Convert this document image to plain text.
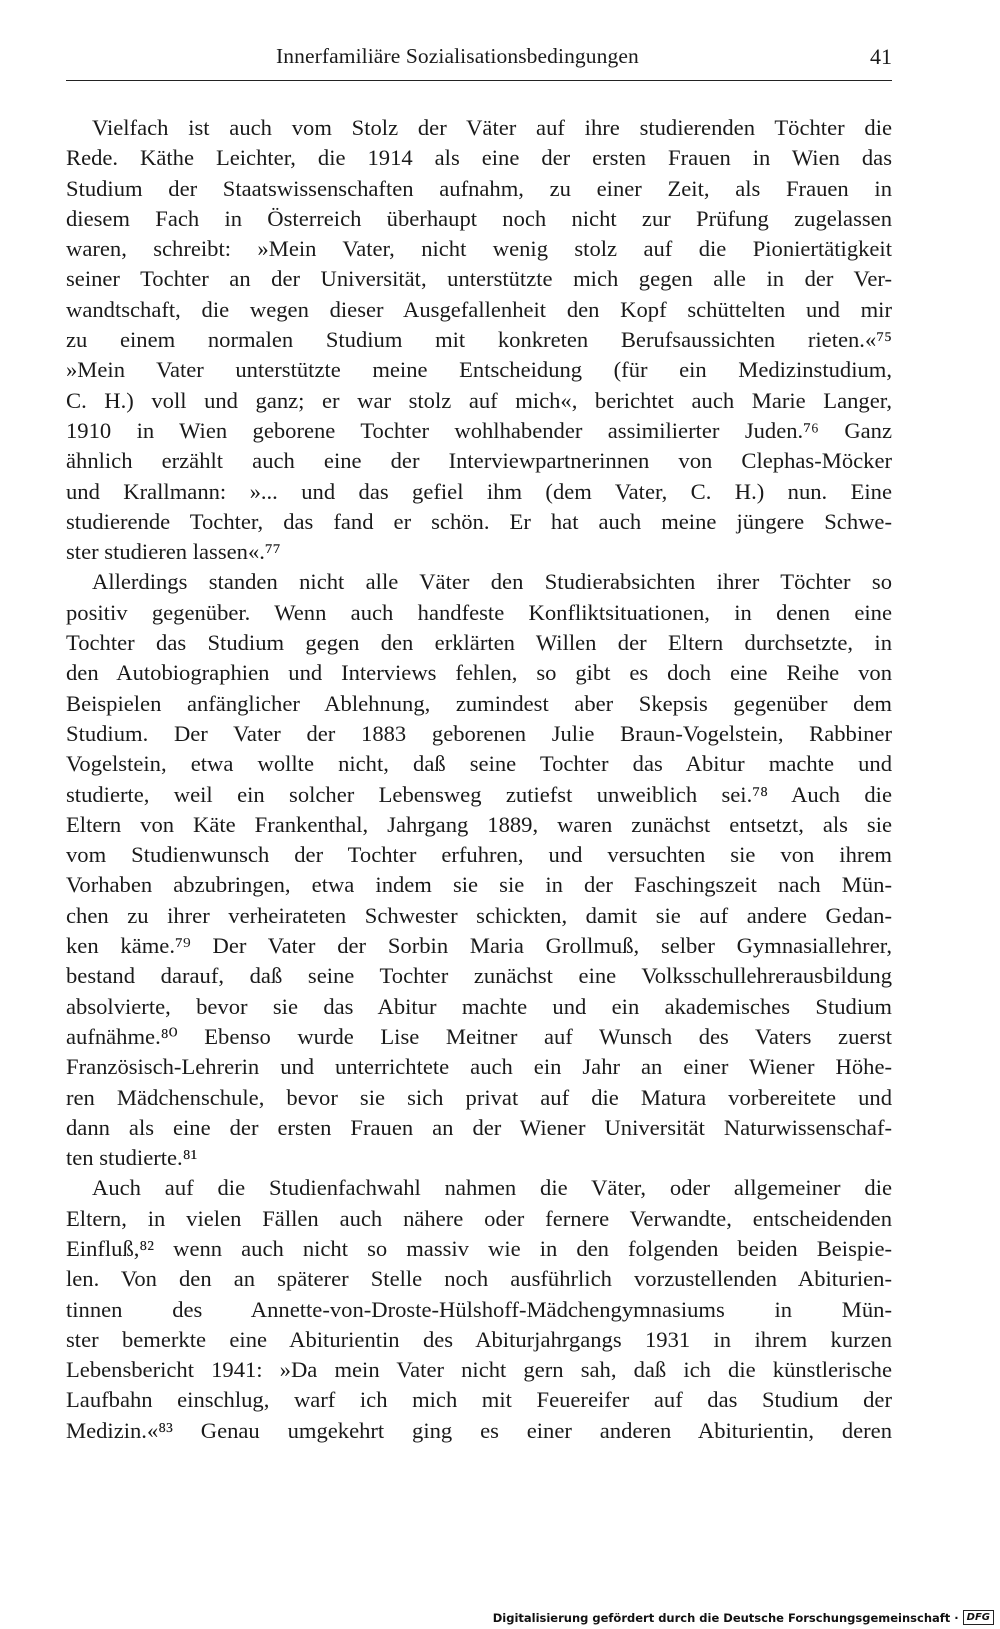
Innerfamiliäre Sozialisationsbedingungen	41
Vielfach ist auch vom Stolz der Väter auf ihre studierenden Töchter die
Rede. Käthe Leichter, die 1914 als eine der ersten Frauen in Wien das
Studium der Staatswissenschaften aufnahm, zu einer Zeit, als Frauen in
diesem Fach in Österreich überhaupt noch nicht zur Prüfung zugelassen
waren, schreibt: »Mein Vater, nicht wenig stolz auf die Pioniertätigkeit
seiner Tochter an der Universität, unterstützte mich gegen alle in der Ver-
wandtschaft, die wegen dieser Ausgefallenheit den Kopf schüttelten und mir
zu einem normalen Studium mit konkreten Berufsaussichten rieten.«⁷⁵
»Mein Vater unterstützte meine Entscheidung (für ein Medizinstudium,
C. H.) voll und ganz; er war stolz auf mich«, berichtet auch Marie Langer,
1910 in Wien geborene Tochter wohlhabender assimilierter Juden.⁷⁶ Ganz
ähnlich erzählt auch eine der Interviewpartnerinnen von Clephas-Möcker
und Krallmann: »... und das gefiel ihm (dem Vater, C. H.) nun. Eine
studierende Tochter, das fand er schön. Er hat auch meine jüngere Schwe-
ster studieren lassen«.⁷⁷
Allerdings standen nicht alle Väter den Studierabsichten ihrer Töchter so
positiv gegenüber. Wenn auch handfeste Konfliktsituationen, in denen eine
Tochter das Studium gegen den erklärten Willen der Eltern durchsetzte, in
den Autobiographien und Interviews fehlen, so gibt es doch eine Reihe von
Beispielen anfänglicher Ablehnung, zumindest aber Skepsis gegenüber dem
Studium. Der Vater der 1883 geborenen Julie Braun-Vogelstein, Rabbiner
Vogelstein, etwa wollte nicht, daß seine Tochter das Abitur machte und
studierte, weil ein solcher Lebensweg zutiefst unweiblich sei.⁷⁸ Auch die
Eltern von Käte Frankenthal, Jahrgang 1889, waren zunächst entsetzt, als sie
vom Studienwunsch der Tochter erfuhren, und versuchten sie von ihrem
Vorhaben abzubringen, etwa indem sie sie in der Faschingszeit nach Mün-
chen zu ihrer verheirateten Schwester schickten, damit sie auf andere Gedan-
ken käme.⁷⁹ Der Vater der Sorbin Maria Grollmuß, selber Gymnasiallehrer,
bestand darauf, daß seine Tochter zunächst eine Volksschullehrerausbildung
absolvierte, bevor sie das Abitur machte und ein akademisches Studium
aufnähme.⁸⁰ Ebenso wurde Lise Meitner auf Wunsch des Vaters zuerst
Französisch-Lehrerin und unterrichtete auch ein Jahr an einer Wiener Höhe-
ren Mädchenschule, bevor sie sich privat auf die Matura vorbereitete und
dann als eine der ersten Frauen an der Wiener Universität Naturwissenschaf-
ten studierte.⁸¹
Auch auf die Studienfachwahl nahmen die Väter, oder allgemeiner die
Eltern, in vielen Fällen auch nähere oder fernere Verwandte, entscheidenden
Einfluß,⁸² wenn auch nicht so massiv wie in den folgenden beiden Beispie-
len. Von den an späterer Stelle noch ausführlich vorzustellenden Abiturien-
tinnen des Annette-von-Droste-Hülshoff-Mädchengymnasiums in Mün-
ster bemerkte eine Abiturientin des Abiturjahrgangs 1931 in ihrem kurzen
Lebensbericht 1941: »Da mein Vater nicht gern sah, daß ich die künstlerische
Laufbahn einschlug, warf ich mich mit Feuereifer auf das Studium der
Medizin.«⁸³ Genau umgekehrt ging es einer anderen Abiturientin, deren
Digitalisierung gefördert durch die Deutsche Forschungsgemeinschaft · DFG
